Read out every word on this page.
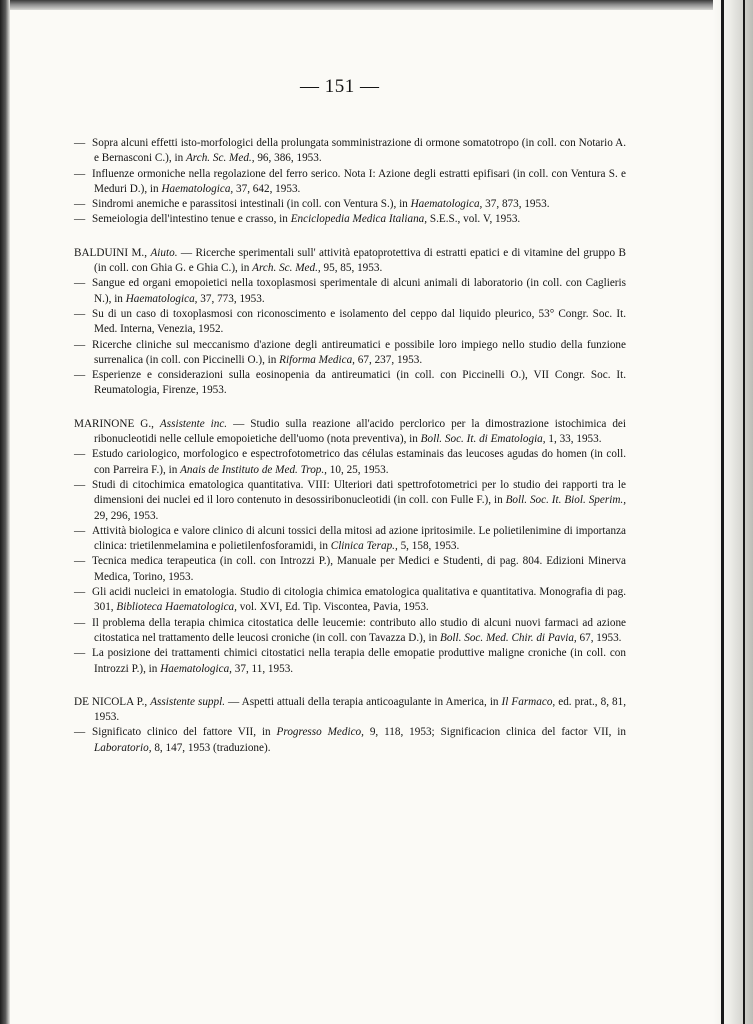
— 151 —

— Sopra alcuni effetti isto-morfologici della prolungata somministrazione di ormone somatotropo (in coll. con Notario A. e Bernasconi C.), in Arch. Sc. Med., 96, 386, 1953.

— Influenze ormoniche nella regolazione del ferro serico. Nota I: Azione degli estratti epifisari (in coll. con Ventura S. e Meduri D.), in Haematologica, 37, 642, 1953.

— Sindromi anemiche e parassitosi intestinali (in coll. con Ventura S.), in Haematologica, 37, 873, 1953.

— Semeiologia dell'intestino tenue e crasso, in Enciclopedia Medica Italiana, S.E.S., vol. V, 1953.

BALDUINI M., Aiuto. — Ricerche sperimentali sull' attività epatoprotettiva di estratti epatici e di vitamine del gruppo B (in coll. con Ghia G. e Ghia C.), in Arch. Sc. Med., 95, 85, 1953.

— Sangue ed organi emopoietici nella toxoplasmosi sperimentale di alcuni animali di laboratorio (in coll. con Caglieris N.), in Haematologica, 37, 773, 1953.

— Su di un caso di toxoplasmosi con riconoscimento e isolamento del ceppo dal liquido pleurico, 53° Congr. Soc. It. Med. Interna, Venezia, 1952.

— Ricerche cliniche sul meccanismo d'azione degli antireumatici e possibile loro impiego nello studio della funzione surrenalica (in coll. con Piccinelli O.), in Riforma Medica, 67, 237, 1953.

— Esperienze e considerazioni sulla eosinopenia da antireumatici (in coll. con Piccinelli O.), VII Congr. Soc. It. Reumatologia, Firenze, 1953.

MARINONE G., Assistente inc. — Studio sulla reazione all'acido perclorico per la dimostrazione istochimica dei ribonucleotidi nelle cellule emopoietiche dell'uomo (nota preventiva), in Boll. Soc. It. di Ematologia, 1, 33, 1953.

— Estudo cariologico, morfologico e espectrofotometrico das células estaminais das leucoses agudas do homen (in coll. con Parreira F.), in Anais de Instituto de Med. Trop., 10, 25, 1953.

— Studi di citochimica ematologica quantitativa. VIII: Ulteriori dati spettrofotometrici per lo studio dei rapporti tra le dimensioni dei nuclei ed il loro contenuto in desossiribonucleotidi (in coll. con Fulle F.), in Boll. Soc. It. Biol. Sperim., 29, 296, 1953.

— Attività biologica e valore clinico di alcuni tossici della mitosi ad azione ipritosimile. Le polietilenimine di importanza clinica: trietilenmelamina e polietilenfosforamidi, in Clinica Terap., 5, 158, 1953.

— Tecnica medica terapeutica (in coll. con Introzzi P.), Manuale per Medici e Studenti, di pag. 804. Edizioni Minerva Medica, Torino, 1953.

— Gli acidi nucleici in ematologia. Studio di citologia chimica ematologica qualitativa e quantitativa. Monografia di pag. 301, Biblioteca Haematologica, vol. XVI, Ed. Tip. Viscontea, Pavia, 1953.

— Il problema della terapia chimica citostatica delle leucemie: contributo allo studio di alcuni nuovi farmaci ad azione citostatica nel trattamento delle leucosi croniche (in coll. con Tavazza D.), in Boll. Soc. Med. Chir. di Pavia, 67, 1953.

— La posizione dei trattamenti chimici citostatici nella terapia delle emopatie produttive maligne croniche (in coll. con Introzzi P.), in Haematologica, 37, 11, 1953.

DE NICOLA P., Assistente suppl. — Aspetti attuali della terapia anticoagulante in America, in Il Farmaco, ed. prat., 8, 81, 1953.

— Significato clinico del fattore VII, in Progresso Medico, 9, 118, 1953; Significacion clinica del factor VII, in Laboratorio, 8, 147, 1953 (traduzione).
